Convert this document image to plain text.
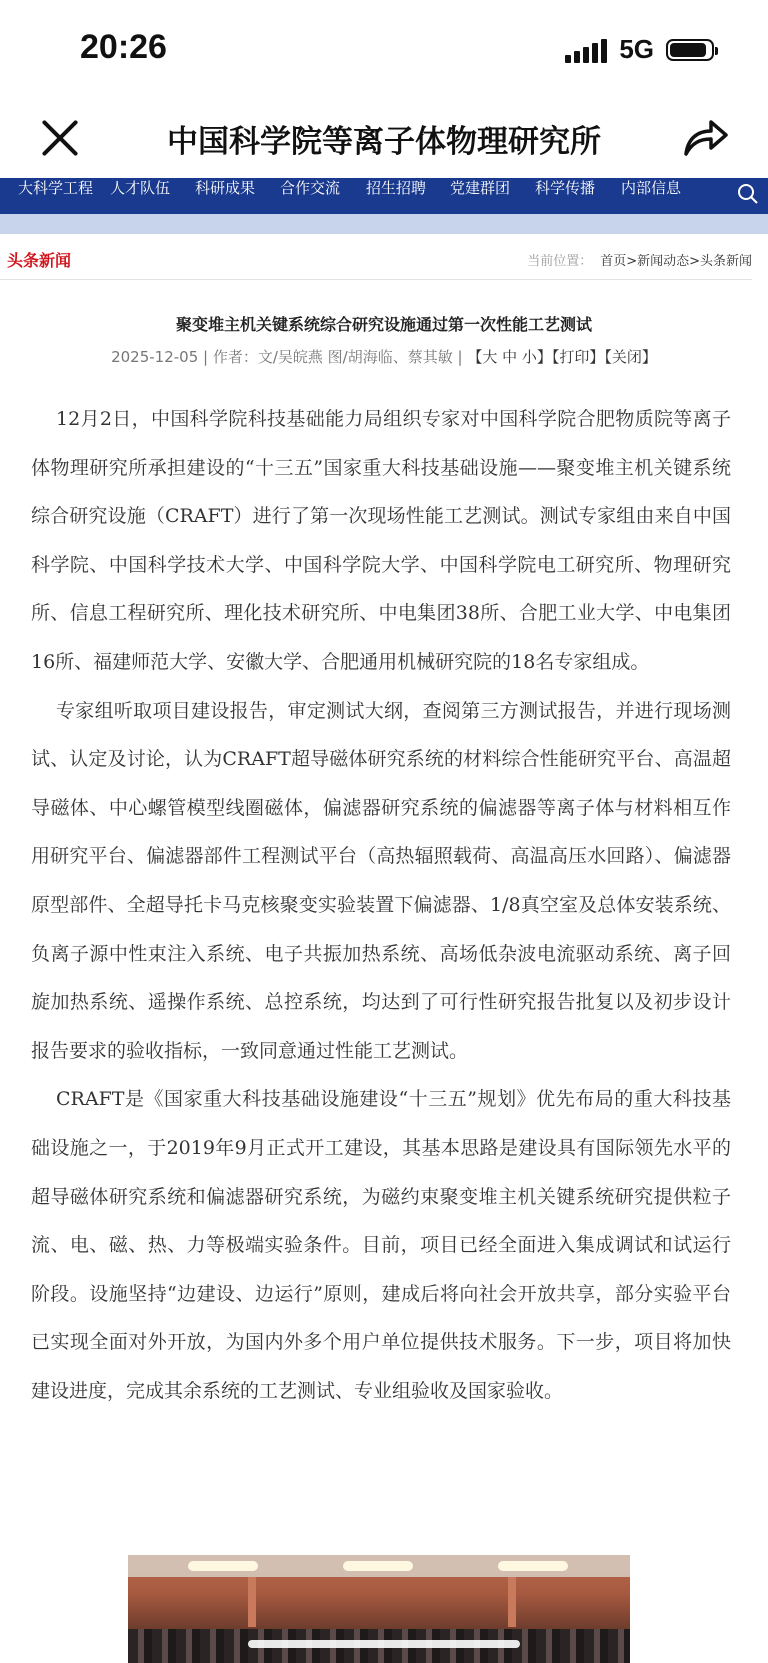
20:26	5G
中国科学院等离子体物理研究所
大科学工程 人才队伍 科研成果 合作交流 招生招聘 党建群团 科学传播 内部信息
头条新闻	当前位置： 首页>新闻动态>头条新闻
聚变堆主机关键系统综合研究设施通过第一次性能工艺测试
2025-12-05 | 作者：文/吴皖燕 图/胡海临、蔡其敏 | 【大 中 小】【打印】【关闭】

12月2日，中国科学院科技基础能力局组织专家对中国科学院合肥物质院等离子体物理研究所承担建设的“十三五”国家重大科技基础设施——聚变堆主机关键系统综合研究设施（CRAFT）进行了第一次现场性能工艺测试。测试专家组由来自中国科学院、中国科学技术大学、中国科学院大学、中国科学院电工研究所、物理研究所、信息工程研究所、理化技术研究所、中电集团38所、合肥工业大学、中电集团16所、福建师范大学、安徽大学、合肥通用机械研究院的18名专家组成。

专家组听取项目建设报告，审定测试大纲，查阅第三方测试报告，并进行现场测试、认定及讨论，认为CRAFT超导磁体研究系统的材料综合性能研究平台、高温超导磁体、中心螺管模型线圈磁体，偏滤器研究系统的偏滤器等离子体与材料相互作用研究平台、偏滤器部件工程测试平台（高热辐照载荷、高温高压水回路）、偏滤器原型部件、全超导托卡马克核聚变实验装置下偏滤器、1/8真空室及总体安装系统、负离子源中性束注入系统、电子共振加热系统、高场低杂波电流驱动系统、离子回旋加热系统、遥操作系统、总控系统，均达到了可行性研究报告批复以及初步设计报告要求的验收指标，一致同意通过性能工艺测试。

CRAFT是《国家重大科技基础设施建设“十三五”规划》优先布局的重大科技基础设施之一，于2019年9月正式开工建设，其基本思路是建设具有国际领先水平的超导磁体研究系统和偏滤器研究系统，为磁约束聚变堆主机关键系统研究提供粒子流、电、磁、热、力等极端实验条件。目前，项目已经全面进入集成调试和试运行阶段。设施坚持“边建设、边运行”原则，建成后将向社会开放共享，部分实验平台已实现全面对外开放，为国内外多个用户单位提供技术服务。下一步，项目将加快建设进度，完成其余系统的工艺测试、专业组验收及国家验收。
